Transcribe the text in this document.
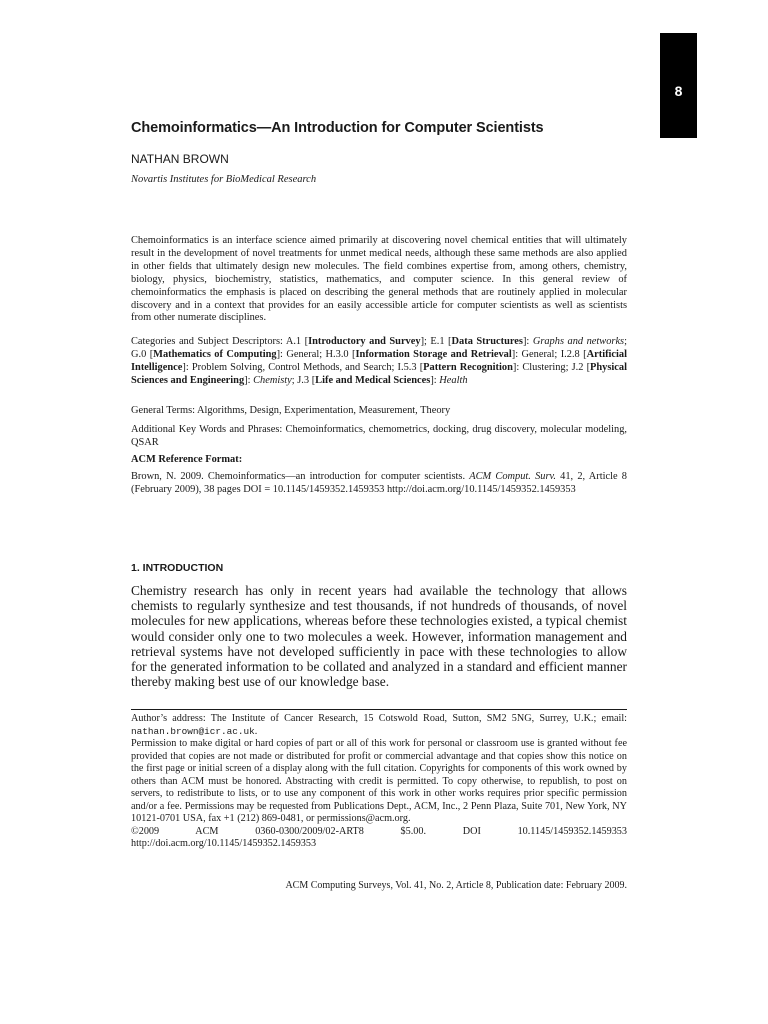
8
Chemoinformatics—An Introduction for Computer Scientists
NATHAN BROWN
Novartis Institutes for BioMedical Research

Chemoinformatics is an interface science aimed primarily at discovering novel chemical entities that will ultimately result in the development of novel treatments for unmet medical needs, although these same methods are also applied in other fields that ultimately design new molecules. The field combines expertise from, among others, chemistry, biology, physics, biochemistry, statistics, mathematics, and computer science. In this general review of chemoinformatics the emphasis is placed on describing the general methods that are routinely applied in molecular discovery and in a context that provides for an easily accessible article for computer scientists as well as scientists from other numerate disciplines.

Categories and Subject Descriptors: A.1 [Introductory and Survey]; E.1 [Data Structures]: Graphs and networks; G.0 [Mathematics of Computing]: General; H.3.0 [Information Storage and Retrieval]: General; I.2.8 [Artificial Intelligence]: Problem Solving, Control Methods, and Search; I.5.3 [Pattern Recognition]: Clustering; J.2 [Physical Sciences and Engineering]: Chemisty; J.3 [Life and Medical Sciences]: Health

General Terms: Algorithms, Design, Experimentation, Measurement, Theory
Additional Key Words and Phrases: Chemoinformatics, chemometrics, docking, drug discovery, molecular modeling, QSAR
ACM Reference Format:

Brown, N. 2009. Chemoinformatics—an introduction for computer scientists. ACM Comput. Surv. 41, 2, Article 8 (February 2009), 38 pages DOI = 10.1145/1459352.1459353 http://doi.acm.org/10.1145/1459352.1459353

1. INTRODUCTION
Chemistry research has only in recent years had available the technology that allows chemists to regularly synthesize and test thousands, if not hundreds of thousands, of novel molecules for new applications, whereas before these technologies existed, a typical chemist would consider only one to two molecules a week. However, information management and retrieval systems have not developed sufficiently in pace with these technologies to allow for the generated information to be collated and analyzed in a standard and efficient manner thereby making best use of our knowledge base.

Author’s address: The Institute of Cancer Research, 15 Cotswold Road, Sutton, SM2 5NG, Surrey, U.K.; email: nathan.brown@icr.ac.uk.

Permission to make digital or hard copies of part or all of this work for personal or classroom use is granted without fee provided that copies are not made or distributed for profit or commercial advantage and that copies show this notice on the first page or initial screen of a display along with the full citation. Copyrights for components of this work owned by others than ACM must be honored. Abstracting with credit is permitted. To copy otherwise, to republish, to post on servers, to redistribute to lists, or to use any component of this work in other works requires prior specific permission and/or a fee. Permissions may be requested from Publications Dept., ACM, Inc., 2 Penn Plaza, Suite 701, New York, NY 10121-0701 USA, fax +1 (212) 869-0481, or permissions@acm.org.

©2009 ACM 0360-0300/2009/02-ART8 $5.00. DOI 10.1145/1459352.1459353 http://doi.acm.org/10.1145/1459352.1459353

ACM Computing Surveys, Vol. 41, No. 2, Article 8, Publication date: February 2009.
